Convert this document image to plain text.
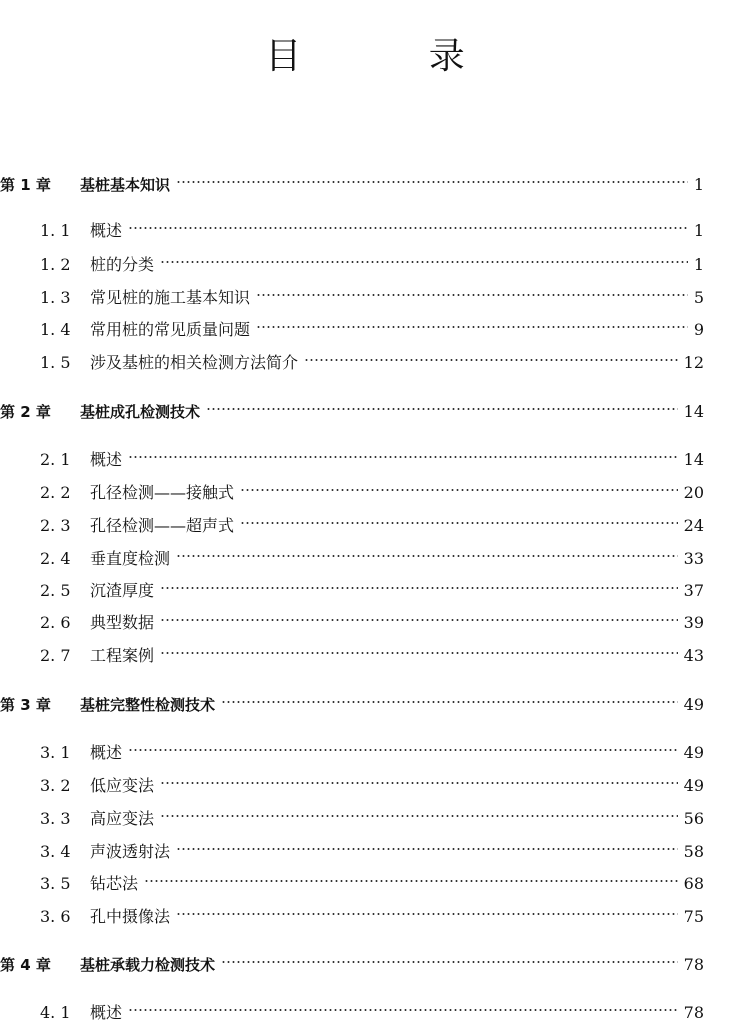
目 录
第 1 章	基桩基本知识	1
1. 1	概述	1
1. 2	桩的分类	1
1. 3	常见桩的施工基本知识	5
1. 4	常用桩的常见质量问题	9
1. 5	涉及基桩的相关检测方法简介	12
第 2 章	基桩成孔检测技术	14
2. 1	概述	14
2. 2	孔径检测——接触式	20
2. 3	孔径检测——超声式	24
2. 4	垂直度检测	33
2. 5	沉渣厚度	37
2. 6	典型数据	39
2. 7	工程案例	43
第 3 章	基桩完整性检测技术	49
3. 1	概述	49
3. 2	低应变法	49
3. 3	高应变法	56
3. 4	声波透射法	58
3. 5	钻芯法	68
3. 6	孔中摄像法	75
第 4 章	基桩承载力检测技术	78
4. 1	概述	78
